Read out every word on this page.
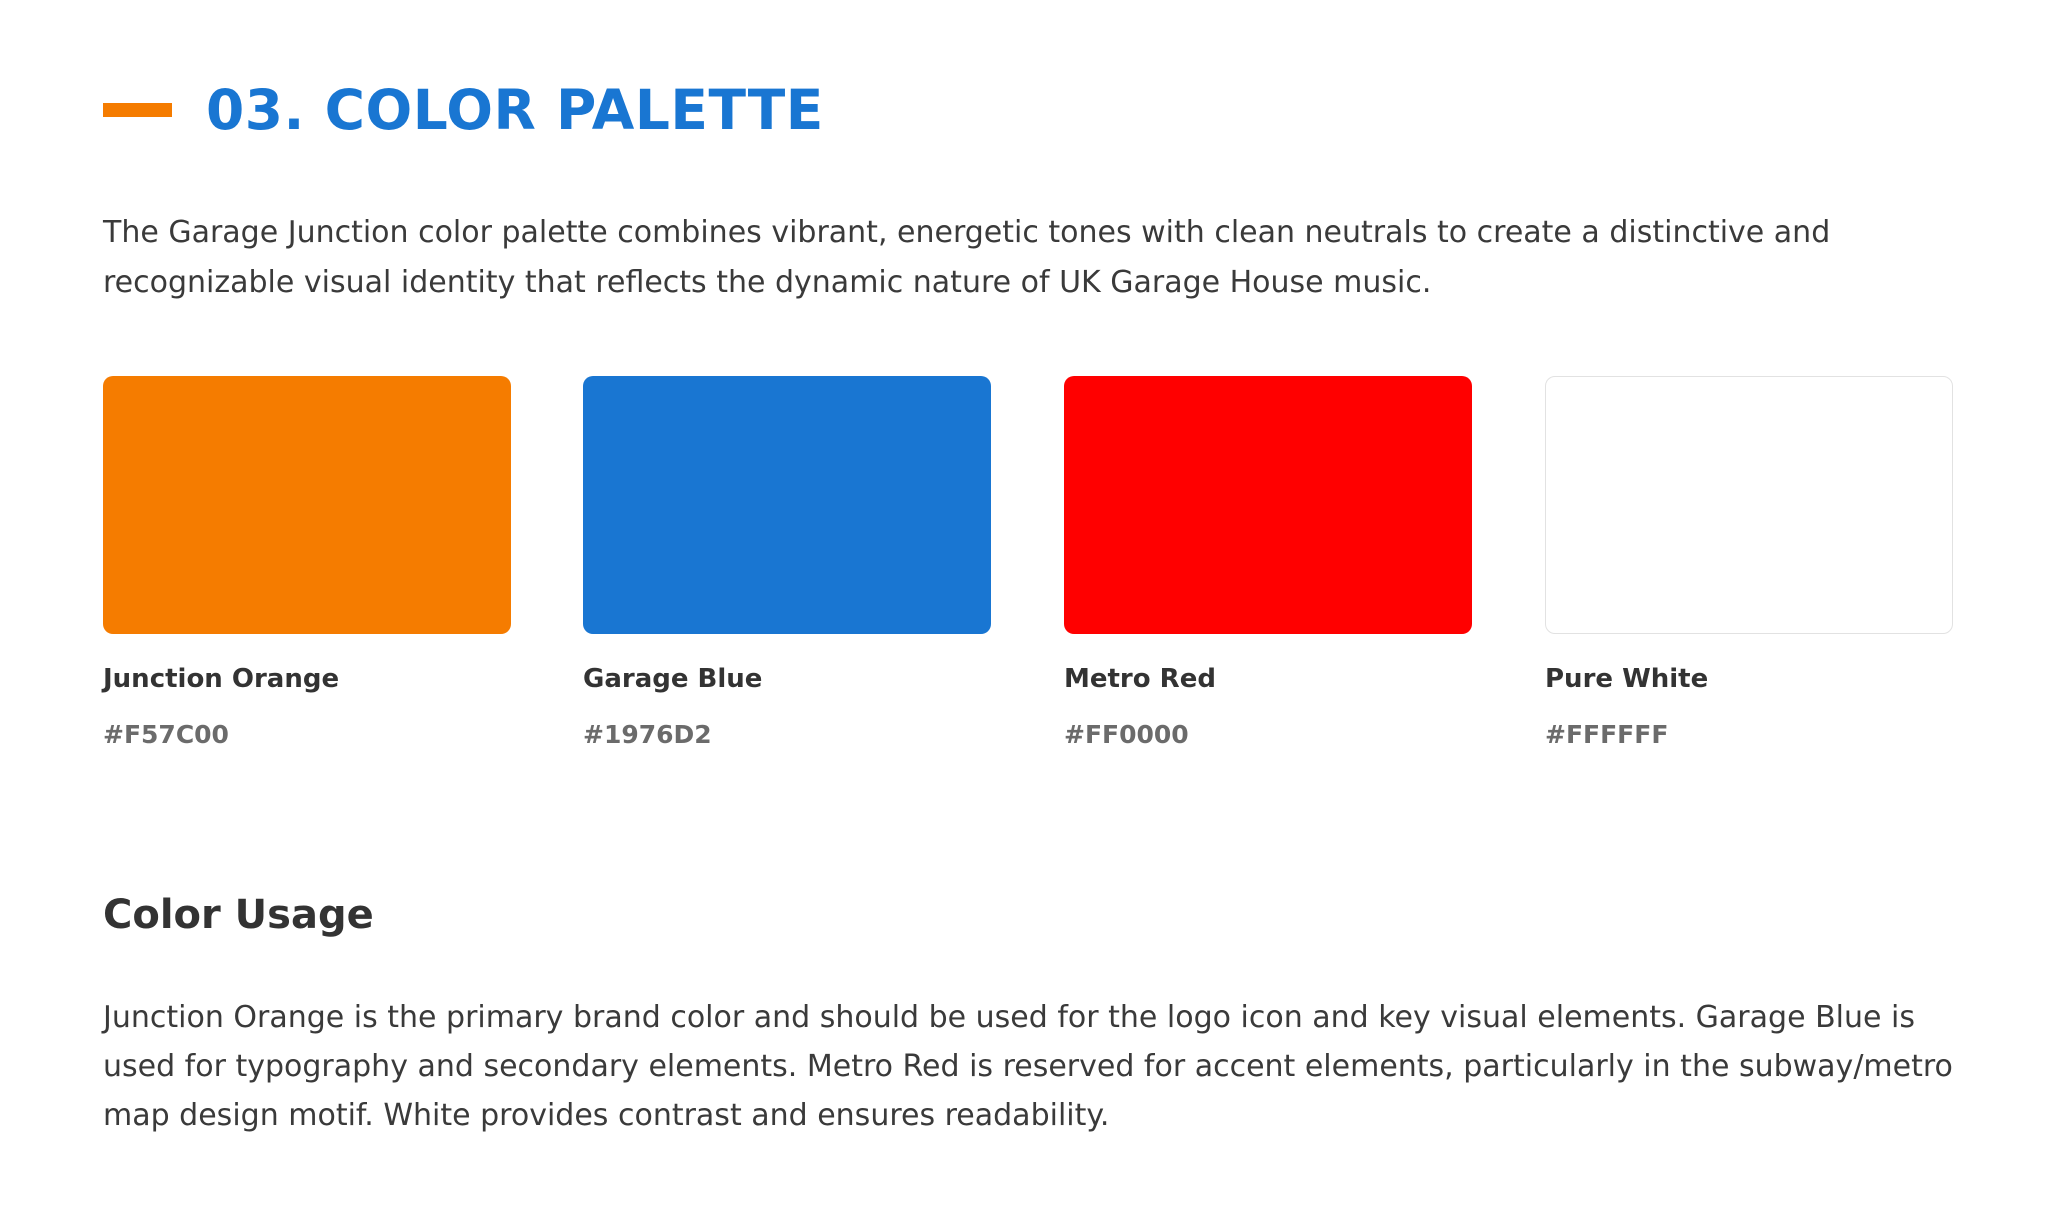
03. COLOR PALETTE

The Garage Junction color palette combines vibrant, energetic tones with clean neutrals to create a distinctive and recognizable visual identity that reflects the dynamic nature of UK Garage House music.

Junction Orange
#F57C00
Garage Blue
#1976D2
Metro Red
#FF0000
Pure White
#FFFFFF
Color Usage

Junction Orange is the primary brand color and should be used for the logo icon and key visual elements. Garage Blue is used for typography and secondary elements. Metro Red is reserved for accent elements, particularly in the subway/metro map design motif. White provides contrast and ensures readability.
